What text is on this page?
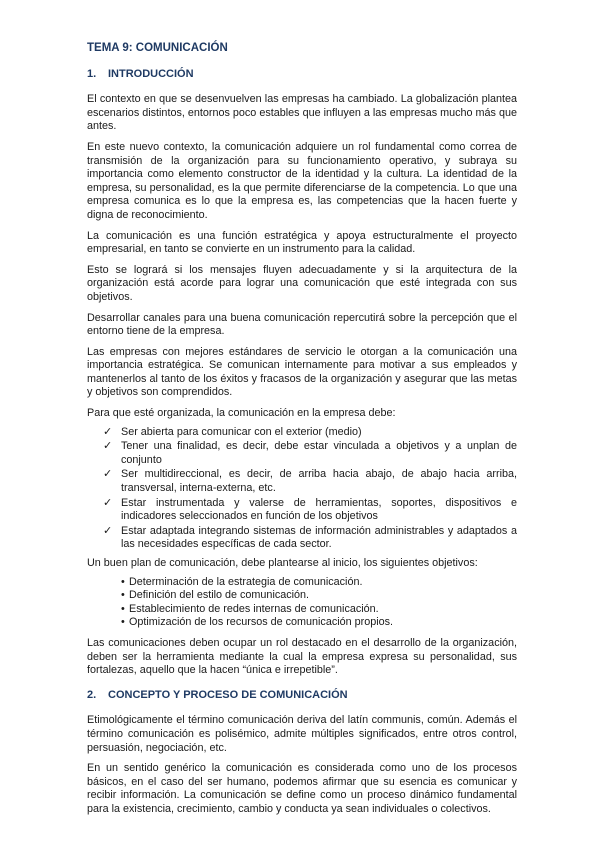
TEMA 9: COMUNICACIÓN
1.	INTRODUCCIÓN

El contexto en que se desenvuelven las empresas ha cambiado. La globalización plantea escenarios distintos, entornos poco estables que influyen a las empresas mucho más que antes.

En este nuevo contexto, la comunicación adquiere un rol fundamental como correa de transmisión de la organización para su funcionamiento operativo, y subraya su importancia como elemento constructor de la identidad y la cultura. La identidad de la empresa, su personalidad, es la que permite diferenciarse de la competencia. Lo que una empresa comunica es lo que la empresa es, las competencias que la hacen fuerte y digna de reconocimiento.

La comunicación es una función estratégica y apoya estructuralmente el proyecto empresarial, en tanto se convierte en un instrumento para la calidad.

Esto se logrará si los mensajes fluyen adecuadamente y si la arquitectura de la organización está acorde para lograr una comunicación que esté integrada con sus objetivos.

Desarrollar canales para una buena comunicación repercutirá sobre la percepción que el entorno tiene de la empresa.

Las empresas con mejores estándares de servicio le otorgan a la comunicación una importancia estratégica. Se comunican internamente para motivar a sus empleados y mantenerlos al tanto de los éxitos y fracasos de la organización y asegurar que las metas y objetivos son comprendidos.

Para que esté organizada, la comunicación en la empresa debe:

✓ Ser abierta para comunicar con el exterior (medio)
✓ Tener una finalidad, es decir, debe estar vinculada a objetivos y a unplan de conjunto
✓ Ser multidireccional, es decir, de arriba hacia abajo, de abajo hacia arriba, transversal, interna-externa, etc.
✓ Estar instrumentada y valerse de herramientas, soportes, dispositivos e indicadores seleccionados en función de los objetivos
✓ Estar adaptada integrando sistemas de información administrables y adaptados a las necesidades específicas de cada sector.

Un buen plan de comunicación, debe plantearse al inicio, los siguientes objetivos:

• Determinación de la estrategia de comunicación.
• Definición del estilo de comunicación.
• Establecimiento de redes internas de comunicación.
• Optimización de los recursos de comunicación propios.

Las comunicaciones deben ocupar un rol destacado en el desarrollo de la organización, deben ser la herramienta mediante la cual la empresa expresa su personalidad, sus fortalezas, aquello que la hacen “única e irrepetible”.

2.	CONCEPTO Y PROCESO DE COMUNICACIÓN

Etimológicamente el término comunicación deriva del latín communis, común. Además el término comunicación es polisémico, admite múltiples significados, entre otros control, persuasión, negociación, etc.

En un sentido genérico la comunicación es considerada como uno de los procesos básicos, en el caso del ser humano, podemos afirmar que su esencia es comunicar y recibir información. La comunicación se define como un proceso dinámico fundamental para la existencia, crecimiento, cambio y conducta ya sean individuales o colectivos.
